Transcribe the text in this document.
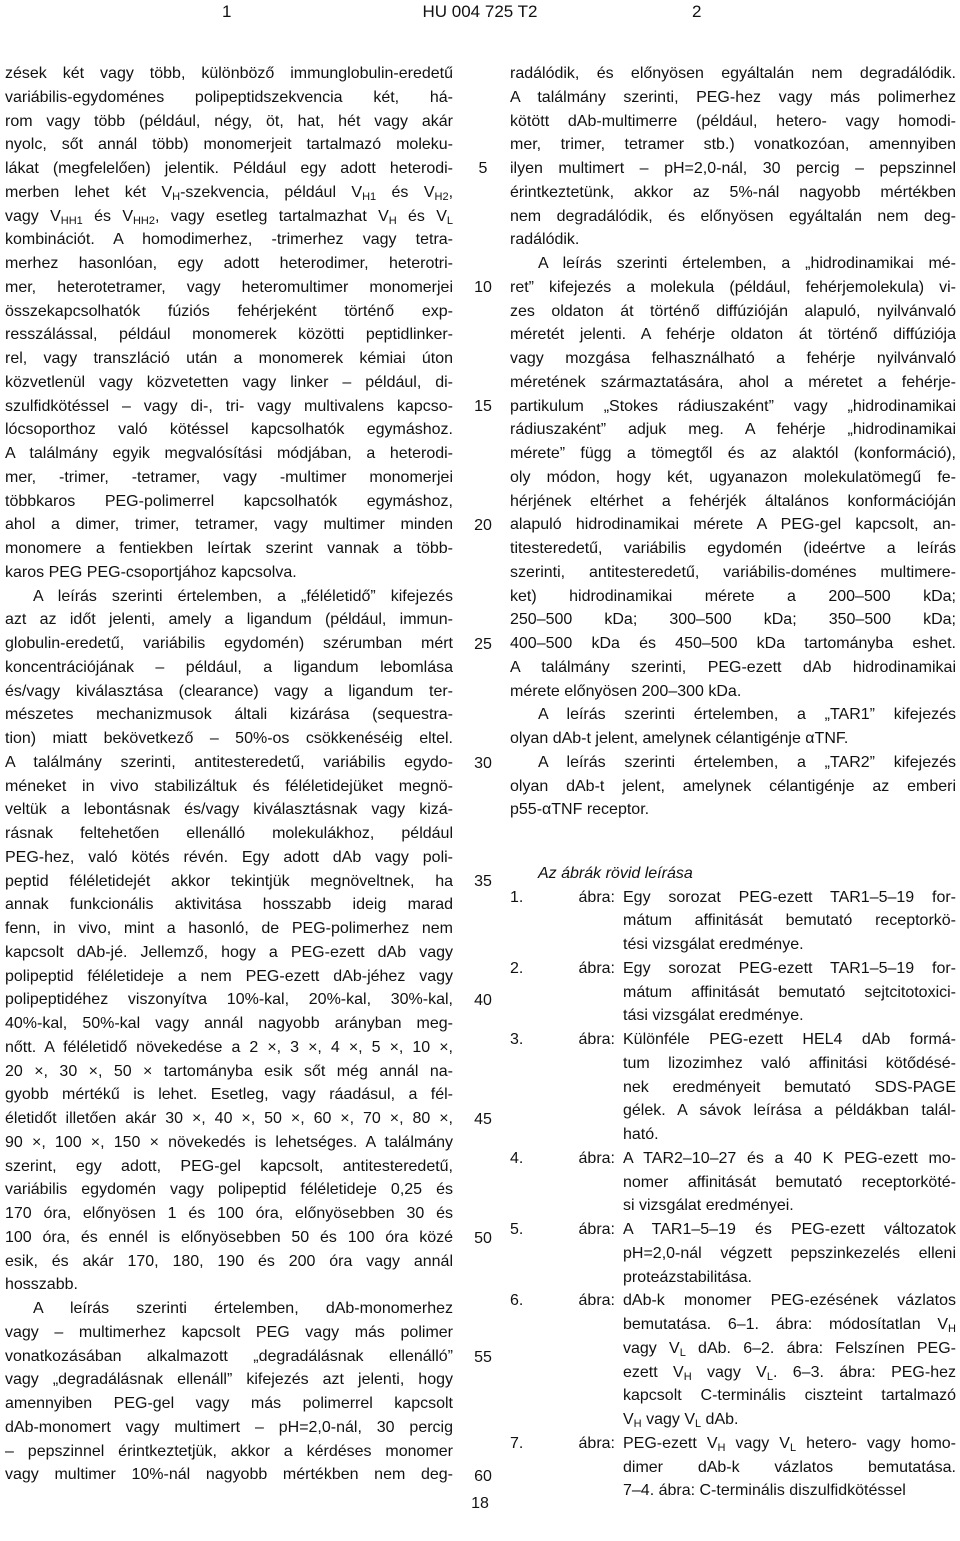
1	HU 004 725 T2	2
zések két vagy több, különböző immunglobulin-eredetű
variábilis-egydoméneѕ polipeptidszekvencia két, há-
rom vagy több (például, négy, öt, hat, hét vagy akár
nyolc, sőt annál több) monomerjeit tartalmazó moleku-
lákat (megfelelően) jelentik. Például egy adott heterodi-
merben lehet két $V_H$-szekvencia, például $V_{H1}$ és $V_{H2}$,
vagy $V_{HH1}$ és $V_{HH2}$, vagy esetleg tartalmazhat $V_H$ és $V_L$
kombinációt. A homodimerhez, -trimerhez vagy tetra-
merhez hasonlóan, egy adott heterodimer, heterotri-
mer, heterotetramer, vagy heteromultimer monomerjei
összekapcsolhatók fúziós fehérjeként történő exp-
resszálással, például monomerek közötti peptidlinker-
rel, vagy transzláció után a monomerek kémiai úton
közvetlenül vagy közvetetten vagy linker – például, di-
szulfidkötéssel – vagy di-, tri- vagy multivalens kapcso-
lócsoporthoz való kötéssel kapcsolhatók egymáshoz.
A találmány egyik megvalósítási módjában, a heterodi-
mer, -trimer, -tetramer, vagy -multimer monomerjei
többkaros PEG-polimerrel kapcsolhatók egymáshoz,
ahol a dimer, trimer, tetramer, vagy multimer minden
monomere a fentiekben leírtak szerint vannak a több-
karos PEG PEG-csoportjához kapcsolva.
A leírás szerinti értelemben, a „féléletidő” kifejezés
azt az időt jelenti, amely a ligandum (például, immun-
globulin-eredetű, variábilis egydomén) szérumban mért
koncentrációjának – például, a ligandum lebomlása
és/vagy kiválasztása (clearance) vagy a ligandum ter-
mészetes mechanizmusok általi kizárása (sequestra-
tion) miatt bekövetkező – 50%-os csökkenéséig eltel.
A találmány szerinti, antitesteredetű, variábilis egydo-
méneket in vivo stabilizáltuk és féléletidejüket megnö-
veltük a lebontásnak és/vagy kiválasztásnak vagy kizá-
rásnak feltehetően ellenálló molekulákhoz, például
PEG-hez, való kötés révén. Egy adott dAb vagy poli-
peptid féléletidejét akkor tekintjük megnöveltnek, ha
annak funkcionális aktivitása hosszabb ideig marad
fenn, in vivo, mint a hasonló, de PEG-polimerhez nem
kapcsolt dAb-jé. Jellemző, hogy a PEG-ezett dAb vagy
polipeptid féléletideje a nem PEG-ezett dAb-jéhez vagy
polipeptidéhez viszonyítva 10%-kal, 20%-kal, 30%-kal,
40%-kal, 50%-kal vagy annál nagyobb arányban meg-
nőtt. A féléletidő növekedése a 2 ×, 3 ×, 4 ×, 5 ×, 10 ×,
20 ×, 30 ×, 50 × tartományba esik sőt még annál na-
gyobb mértékű is lehet. Esetleg, vagy ráadásul, a fél-
életidőt illetően akár 30 ×, 40 ×, 50 ×, 60 ×, 70 ×, 80 ×,
90 ×, 100 ×, 150 × növekedés is lehetséges. A találmány
szerint, egy adott, PEG-gel kapcsolt, antitesteredetű,
variábilis egydomén vagy polipeptid féléletideje 0,25 és
170 óra, előnyösen 1 és 100 óra, előnyösebben 30 és
100 óra, és ennél is előnyösebben 50 és 100 óra közé
esik, és akár 170, 180, 190 és 200 óra vagy annál
hosszabb.
A leírás szerinti értelemben, dAb-monomerhez
vagy – multimerhez kapcsolt PEG vagy más polimer
vonatkozásában alkalmazott „degradálásnak ellenálló”
vagy „degradálásnak ellenáll” kifejezés azt jelenti, hogy
amennyiben PEG-gel vagy más polimerrel kapcsolt
dAb-monomert vagy multimert – pH=2,0-nál, 30 percig
– pepszinnel érintkeztetjük, akkor a kérdéses monomer
vagy multimer 10%-nál nagyobb mértékben nem deg-
radálódik, és előnyösen egyáltalán nem degradálódik.
A találmány szerinti, PEG-hez vagy más polimerhez
kötött dAb-multimerre (például, hetero- vagy homodi-
mer, trimer, tetramer stb.) vonatkozóan, amennyiben
ilyen multimert – pH=2,0-nál, 30 percig – pepszinnel
érintkeztetünk, akkor az 5%-nál nagyobb mértékben
nem degradálódik, és előnyösen egyáltalán nem deg-
radálódik.
A leírás szerinti értelemben, a „hidrodinamikai mé-
ret” kifejezés a molekula (például, fehérjemolekula) vi-
zes oldaton át történő diffúzióján alapuló, nyilvánvaló
méretét jelenti. A fehérje oldaton át történő diffúziója
vagy mozgása felhasználható a fehérje nyilvánvaló
méretének származtatására, ahol a méretet a fehérje-
partikulum „Stokes rádiuszaként” vagy „hidrodinamikai
rádiuszaként” adjuk meg. A fehérje „hidrodinamikai
mérete” függ a tömegtől és az alaktól (konformáció),
oly módon, hogy két, ugyanazon molekulatömegű fe-
hérjének eltérhet a fehérjék általános konformációján
alapuló hidrodinamikai mérete A PEG-gel kapcsolt, an-
titesteredetű, variábilis egydomén (ideértve a leírás
szerinti, antitesteredetű, variábilis-doméneѕ multimere-
ket) hidrodinamikai mérete a 200–500 kDa;
250–500 kDa; 300–500 kDa; 350–500 kDa;
400–500 kDa és 450–500 kDa tartományba eshet.
A találmány szerinti, PEG-ezett dAb hidrodinamikai
mérete előnyösen 200–300 kDa.
A leírás szerinti értelemben, a „TAR1” kifejezés
olyan dAb-t jelent, amelynek célantigénje αTNF.
A leírás szerinti értelemben, a „TAR2” kifejezés
olyan dAb-t jelent, amelynek célantigénje az emberi
p55-αTNF receptor.
Az ábrák rövid leírása
1. ábra: Egy sorozat PEG-ezett TAR1–5–19 for-
mátum affinitását bemutató receptorkö-
tési vizsgálat eredménye.
2. ábra: Egy sorozat PEG-ezett TAR1–5–19 for-
mátum affinitását bemutató sejtcitotoxici-
tási vizsgálat eredménye.
3. ábra: Különféle PEG-ezett HEL4 dAb formá-
tum lizozimhez való affinitási kötődésé-
nek eredményeit bemutató SDS-PAGE
gélek. A sávok leírása a példákban talál-
ható.
4. ábra: A TAR2–10–27 és a 40 K PEG-ezett mo-
nomer affinitását bemutató receptorköté-
si vizsgálat eredményei.
5. ábra: A TAR1–5–19 és PEG-ezett változatok
pH=2,0-nál végzett pepszinkezelés elleni
proteázstabilitása.
6. ábra: dAb-k monomer PEG-ezésének vázlatos
bemutatása. 6–1. ábra: módosítatlan $V_H$
vagy $V_L$ dAb. 6–2. ábra: Felszínen PEG-
ezett $V_H$ vagy $V_L$. 6–3. ábra: PEG-hez
kapcsolt C-terminális ciszteint tartalmazó
$V_H$ vagy $V_L$ dAb.
7. ábra: PEG-ezett $V_H$ vagy $V_L$ hetero- vagy homo-
dimer dAb-k vázlatos bemutatása.
7–4. ábra: C-terminális diszulfidkötéssel
5
10
15
20
25
30
35
40
45
50
55
60
18
